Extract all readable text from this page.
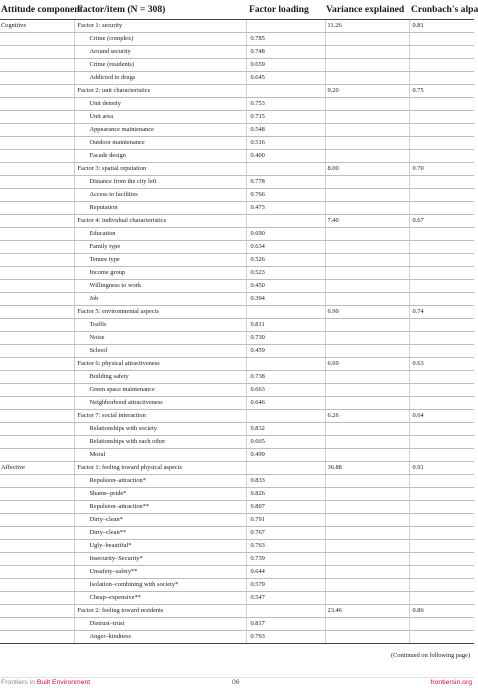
Attitude component	Factor/item (N = 308)	Factor loading	Variance explained	Cronbach's alpa
Cognitive	Factor 1: security		11.26	0.81
	Crime (complex)	0.785		
	Around security	0.748		
	Crime (residents)	0.659		
	Addicted to drugs	0.645		
	Factor 2: unit characteristics		9.20	0.75
	Unit density	0.753		
	Unit area	0.715		
	Appearance maintenance	0.548		
	Outdoor maintenance	0.516		
	Facade design	0.400		
	Factor 3: spatial reputation		8.00	0.70
	Distance from the city left	0.778		
	Access to facilities	0.766		
	Reputation	0.473		
	Factor 4: individual characteristics		7.40	0.67
	Education	0.690		
	Family type	0.634		
	Tenure type	0.526		
	Income group	0.523		
	Willingness to work	0.450		
	Job	0.394		
	Factor 5: environmental aspects		6.90	0.74
	Traffic	0.811		
	Noise	0.730		
	School	0.459		
	Factor 6: physical attractiveness		6.69	0.63
	Building safety	0.738		
	Green space maintenance	0.663		
	Neighborhood attractiveness	0.646		
	Factor 7: social interaction		6.26	0.64
	Relationships with society	0.832		
	Relationships with each other	0.665		
	Moral	0.499		
Affective	Factor 1: feeling toward physical aspects		36.88	0.91
	Repulsion–attraction*	0.833		
	Shame–pride*	0.826		
	Repulsion–attraction**	0.807		
	Dirty–clean*	0.791		
	Dirty–clean**	0.767		
	Ugly–beautiful*	0.763		
	Insecurity–Security*	0.739		
	Unsafety–safety**	0.644		
	Isolation–combining with society*	0.579		
	Cheap–expensive**	0.547		
	Factor 2: feeling toward residents		23.46	0.86
	Distrust–trust	0.817		
	Anger–kindness	0.793		
(Continued on following page)
Frontiers in Built Environment	06	frontiersin.org
